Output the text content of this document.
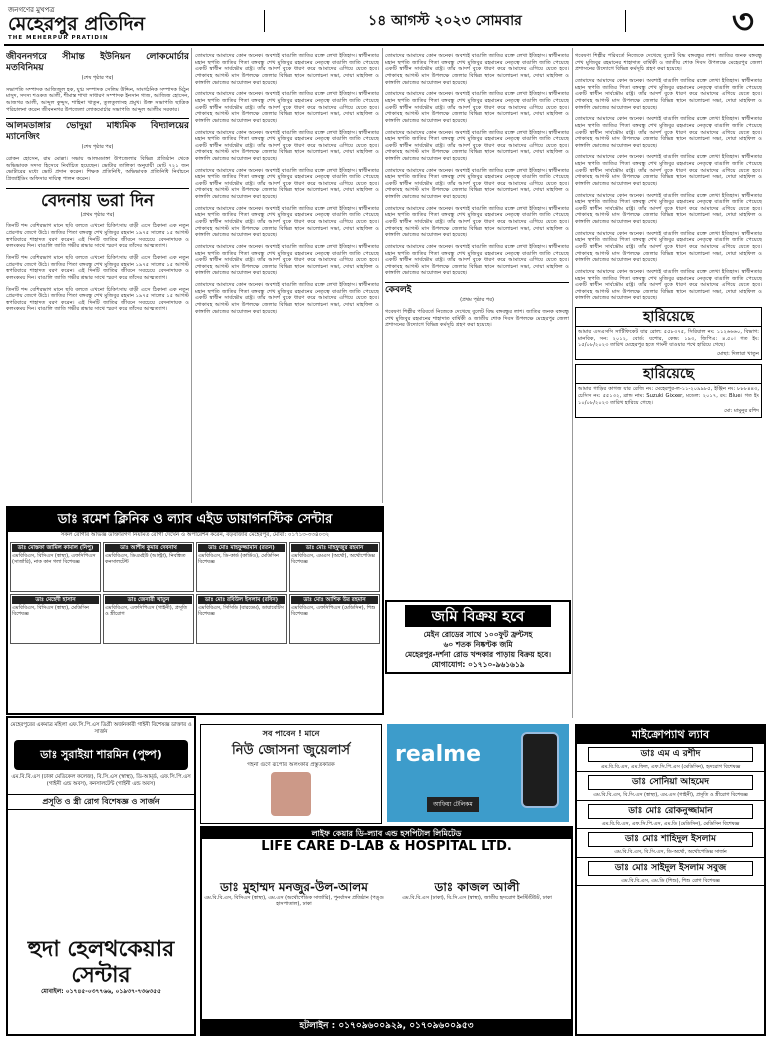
জনগণের মুখপত্র
মেহেরপুর প্রতিদিন
THE MEHERPUR PRATIDIN
১৪ আগস্ট ২০২৩ সোমবার	৩
জীবননগরে সীমান্ত ইউনিয়ন লোকমোর্চার মতবিনিময়
(শেষ পৃষ্ঠার পর)

সভাপতি সম্পাদক আজিজুল হক, যুগ্ম সম্পাদক সেলিম উদ্দিন, সাংগঠনিক সম্পাদক মিঠুন মাসুদ, সদস্য শওকত আলী, শীমান্ত শাখা সাধারণ সম্পাদক ইনসান গাজ, আজিজ হোসেন, আজগর আলী, আব্দুল কুদ্দুস, শাহিনা খাতুন, তুলতুলাসহ প্রমুখ। উক্ত সভাপতি ছাত্রিক পরিচালনা করেন জীবননগর উপজেলা লোকমোর্চার সভাপতি আব্দুল আলীম সরকার।

আলমডাঙ্গার ভোদুয়া মাধ্যমিক বিদ্যালয়ের ম্যানেজিং
(শেষ পৃষ্ঠার পর)

রোকন হোসেন, রাম মোল্লা। সভায় আলমডাঙ্গা উপজেলার বিভিন্ন প্রতিষ্ঠান থেকে অভিভাবক সদস্য হিসেবে নির্বাচিত হয়েছেন। ভোটার তালিকা অনুযায়ী মোট ৭২১ জন ভোটারের মধ্যে ভোট প্রদান করেন। শিক্ষক প্রতিনিধি, অভিভাবক প্রতিনিধি নির্বাচনে প্রিজাইডিং অফিসার দায়িত্ব পালন করেন।

বেদনায় ভরা দিন
(প্রথম পৃষ্ঠার পর)

তিনটি শব্দ বেশিরভাগ মানে ছবি বলতে এখনো চিকিৎসায় বাড়ী এসে ঠিকানা এক নতুন প্রেরণায় জেগে উঠে। জাতির পিতা বঙ্গবন্ধু শেখ মুজিবুর রহমান ১৯৭৫ সালের ১৫ আগস্ট স্বপরিবারে শাহাদত বরণ করেন। এই দিনটি জাতির জীবনে সবচেয়ে বেদনাদায়ক ও কলংকময় দিন। বাঙালি জাতি গভীর শ্রদ্ধার সাথে স্মরণ করে তাঁদের আত্মত্যাগ।

তিনটি শব্দ বেশিরভাগ মানে ছবি বলতে এখনো চিকিৎসায় বাড়ী এসে ঠিকানা এক নতুন প্রেরণায় জেগে উঠে। জাতির পিতা বঙ্গবন্ধু শেখ মুজিবুর রহমান ১৯৭৫ সালের ১৫ আগস্ট স্বপরিবারে শাহাদত বরণ করেন। এই দিনটি জাতির জীবনে সবচেয়ে বেদনাদায়ক ও কলংকময় দিন। বাঙালি জাতি গভীর শ্রদ্ধার সাথে স্মরণ করে তাঁদের আত্মত্যাগ।

তিনটি শব্দ বেশিরভাগ মানে ছবি বলতে এখনো চিকিৎসায় বাড়ী এসে ঠিকানা এক নতুন প্রেরণায় জেগে উঠে। জাতির পিতা বঙ্গবন্ধু শেখ মুজিবুর রহমান ১৯৭৫ সালের ১৫ আগস্ট স্বপরিবারে শাহাদত বরণ করেন। এই দিনটি জাতির জীবনে সবচেয়ে বেদনাদায়ক ও কলংকময় দিন। বাঙালি জাতি গভীর শ্রদ্ধার সাথে স্মরণ করে তাঁদের আত্মত্যাগ।

তোমাদের আমাদের কোন অনেক। অবশ্যই বাঙালি জাতির রক্তে লেখা ইতিহাস। স্বাধীনতার মহান স্থপতি জাতির পিতা বঙ্গবন্ধু শেখ মুজিবুর রহমানের নেতৃত্বে বাঙালি জাতি পেয়েছে একটি স্বাধীন সার্বভৌম রাষ্ট্র। তাঁর আদর্শ বুকে ধারণ করে আমাদের এগিয়ে যেতে হবে। শোকাবহ আগস্ট মাস উপলক্ষে জেলার বিভিন্ন স্থানে আলোচনা সভা, দোয়া মাহফিল ও কাঙ্গালি ভোজের আয়োজন করা হয়েছে।

তোমাদের আমাদের কোন অনেক। অবশ্যই বাঙালি জাতির রক্তে লেখা ইতিহাস। স্বাধীনতার মহান স্থপতি জাতির পিতা বঙ্গবন্ধু শেখ মুজিবুর রহমানের নেতৃত্বে বাঙালি জাতি পেয়েছে একটি স্বাধীন সার্বভৌম রাষ্ট্র। তাঁর আদর্শ বুকে ধারণ করে আমাদের এগিয়ে যেতে হবে। শোকাবহ আগস্ট মাস উপলক্ষে জেলার বিভিন্ন স্থানে আলোচনা সভা, দোয়া মাহফিল ও কাঙ্গালি ভোজের আয়োজন করা হয়েছে।

তোমাদের আমাদের কোন অনেক। অবশ্যই বাঙালি জাতির রক্তে লেখা ইতিহাস। স্বাধীনতার মহান স্থপতি জাতির পিতা বঙ্গবন্ধু শেখ মুজিবুর রহমানের নেতৃত্বে বাঙালি জাতি পেয়েছে একটি স্বাধীন সার্বভৌম রাষ্ট্র। তাঁর আদর্শ বুকে ধারণ করে আমাদের এগিয়ে যেতে হবে। শোকাবহ আগস্ট মাস উপলক্ষে জেলার বিভিন্ন স্থানে আলোচনা সভা, দোয়া মাহফিল ও কাঙ্গালি ভোজের আয়োজন করা হয়েছে।

তোমাদের আমাদের কোন অনেক। অবশ্যই বাঙালি জাতির রক্তে লেখা ইতিহাস। স্বাধীনতার মহান স্থপতি জাতির পিতা বঙ্গবন্ধু শেখ মুজিবুর রহমানের নেতৃত্বে বাঙালি জাতি পেয়েছে একটি স্বাধীন সার্বভৌম রাষ্ট্র। তাঁর আদর্শ বুকে ধারণ করে আমাদের এগিয়ে যেতে হবে। শোকাবহ আগস্ট মাস উপলক্ষে জেলার বিভিন্ন স্থানে আলোচনা সভা, দোয়া মাহফিল ও কাঙ্গালি ভোজের আয়োজন করা হয়েছে।

তোমাদের আমাদের কোন অনেক। অবশ্যই বাঙালি জাতির রক্তে লেখা ইতিহাস। স্বাধীনতার মহান স্থপতি জাতির পিতা বঙ্গবন্ধু শেখ মুজিবুর রহমানের নেতৃত্বে বাঙালি জাতি পেয়েছে একটি স্বাধীন সার্বভৌম রাষ্ট্র। তাঁর আদর্শ বুকে ধারণ করে আমাদের এগিয়ে যেতে হবে। শোকাবহ আগস্ট মাস উপলক্ষে জেলার বিভিন্ন স্থানে আলোচনা সভা, দোয়া মাহফিল ও কাঙ্গালি ভোজের আয়োজন করা হয়েছে।

তোমাদের আমাদের কোন অনেক। অবশ্যই বাঙালি জাতির রক্তে লেখা ইতিহাস। স্বাধীনতার মহান স্থপতি জাতির পিতা বঙ্গবন্ধু শেখ মুজিবুর রহমানের নেতৃত্বে বাঙালি জাতি পেয়েছে একটি স্বাধীন সার্বভৌম রাষ্ট্র। তাঁর আদর্শ বুকে ধারণ করে আমাদের এগিয়ে যেতে হবে। শোকাবহ আগস্ট মাস উপলক্ষে জেলার বিভিন্ন স্থানে আলোচনা সভা, দোয়া মাহফিল ও কাঙ্গালি ভোজের আয়োজন করা হয়েছে।

তোমাদের আমাদের কোন অনেক। অবশ্যই বাঙালি জাতির রক্তে লেখা ইতিহাস। স্বাধীনতার মহান স্থপতি জাতির পিতা বঙ্গবন্ধু শেখ মুজিবুর রহমানের নেতৃত্বে বাঙালি জাতি পেয়েছে একটি স্বাধীন সার্বভৌম রাষ্ট্র। তাঁর আদর্শ বুকে ধারণ করে আমাদের এগিয়ে যেতে হবে। শোকাবহ আগস্ট মাস উপলক্ষে জেলার বিভিন্ন স্থানে আলোচনা সভা, দোয়া মাহফিল ও কাঙ্গালি ভোজের আয়োজন করা হয়েছে।

তোমাদের আমাদের কোন অনেক। অবশ্যই বাঙালি জাতির রক্তে লেখা ইতিহাস। স্বাধীনতার মহান স্থপতি জাতির পিতা বঙ্গবন্ধু শেখ মুজিবুর রহমানের নেতৃত্বে বাঙালি জাতি পেয়েছে একটি স্বাধীন সার্বভৌম রাষ্ট্র। তাঁর আদর্শ বুকে ধারণ করে আমাদের এগিয়ে যেতে হবে। শোকাবহ আগস্ট মাস উপলক্ষে জেলার বিভিন্ন স্থানে আলোচনা সভা, দোয়া মাহফিল ও কাঙ্গালি ভোজের আয়োজন করা হয়েছে।

তোমাদের আমাদের কোন অনেক। অবশ্যই বাঙালি জাতির রক্তে লেখা ইতিহাস। স্বাধীনতার মহান স্থপতি জাতির পিতা বঙ্গবন্ধু শেখ মুজিবুর রহমানের নেতৃত্বে বাঙালি জাতি পেয়েছে একটি স্বাধীন সার্বভৌম রাষ্ট্র। তাঁর আদর্শ বুকে ধারণ করে আমাদের এগিয়ে যেতে হবে। শোকাবহ আগস্ট মাস উপলক্ষে জেলার বিভিন্ন স্থানে আলোচনা সভা, দোয়া মাহফিল ও কাঙ্গালি ভোজের আয়োজন করা হয়েছে।

তোমাদের আমাদের কোন অনেক। অবশ্যই বাঙালি জাতির রক্তে লেখা ইতিহাস। স্বাধীনতার মহান স্থপতি জাতির পিতা বঙ্গবন্ধু শেখ মুজিবুর রহমানের নেতৃত্বে বাঙালি জাতি পেয়েছে একটি স্বাধীন সার্বভৌম রাষ্ট্র। তাঁর আদর্শ বুকে ধারণ করে আমাদের এগিয়ে যেতে হবে। শোকাবহ আগস্ট মাস উপলক্ষে জেলার বিভিন্ন স্থানে আলোচনা সভা, দোয়া মাহফিল ও কাঙ্গালি ভোজের আয়োজন করা হয়েছে।

তোমাদের আমাদের কোন অনেক। অবশ্যই বাঙালি জাতির রক্তে লেখা ইতিহাস। স্বাধীনতার মহান স্থপতি জাতির পিতা বঙ্গবন্ধু শেখ মুজিবুর রহমানের নেতৃত্বে বাঙালি জাতি পেয়েছে একটি স্বাধীন সার্বভৌম রাষ্ট্র। তাঁর আদর্শ বুকে ধারণ করে আমাদের এগিয়ে যেতে হবে। শোকাবহ আগস্ট মাস উপলক্ষে জেলার বিভিন্ন স্থানে আলোচনা সভা, দোয়া মাহফিল ও কাঙ্গালি ভোজের আয়োজন করা হয়েছে।

তোমাদের আমাদের কোন অনেক। অবশ্যই বাঙালি জাতির রক্তে লেখা ইতিহাস। স্বাধীনতার মহান স্থপতি জাতির পিতা বঙ্গবন্ধু শেখ মুজিবুর রহমানের নেতৃত্বে বাঙালি জাতি পেয়েছে একটি স্বাধীন সার্বভৌম রাষ্ট্র। তাঁর আদর্শ বুকে ধারণ করে আমাদের এগিয়ে যেতে হবে। শোকাবহ আগস্ট মাস উপলক্ষে জেলার বিভিন্ন স্থানে আলোচনা সভা, দোয়া মাহফিল ও কাঙ্গালি ভোজের আয়োজন করা হয়েছে।

তোমাদের আমাদের কোন অনেক। অবশ্যই বাঙালি জাতির রক্তে লেখা ইতিহাস। স্বাধীনতার মহান স্থপতি জাতির পিতা বঙ্গবন্ধু শেখ মুজিবুর রহমানের নেতৃত্বে বাঙালি জাতি পেয়েছে একটি স্বাধীন সার্বভৌম রাষ্ট্র। তাঁর আদর্শ বুকে ধারণ করে আমাদের এগিয়ে যেতে হবে। শোকাবহ আগস্ট মাস উপলক্ষে জেলার বিভিন্ন স্থানে আলোচনা সভা, দোয়া মাহফিল ও কাঙ্গালি ভোজের আয়োজন করা হয়েছে।

কেবলই
(প্রথম পৃষ্ঠার পর)

গবেষণা শিল্পীর পরিবর্তে নিজেকে দেখেছে বুলেট বিদ্ধ বঙ্গবন্ধুর লাশ। জাতির জনক বঙ্গবন্ধু শেখ মুজিবুর রহমানের শাহাদাত বার্ষিকী ও জাতীয় শোক দিবস উপলক্ষে মেহেরপুর জেলা প্রশাসনের উদ্যোগে বিভিন্ন কর্মসূচি গ্রহণ করা হয়েছে।

গবেষণা শিল্পীর পরিবর্তে নিজেকে দেখেছে বুলেট বিদ্ধ বঙ্গবন্ধুর লাশ। জাতির জনক বঙ্গবন্ধু শেখ মুজিবুর রহমানের শাহাদাত বার্ষিকী ও জাতীয় শোক দিবস উপলক্ষে মেহেরপুর জেলা প্রশাসনের উদ্যোগে বিভিন্ন কর্মসূচি গ্রহণ করা হয়েছে।

তোমাদের আমাদের কোন অনেক। অবশ্যই বাঙালি জাতির রক্তে লেখা ইতিহাস। স্বাধীনতার মহান স্থপতি জাতির পিতা বঙ্গবন্ধু শেখ মুজিবুর রহমানের নেতৃত্বে বাঙালি জাতি পেয়েছে একটি স্বাধীন সার্বভৌম রাষ্ট্র। তাঁর আদর্শ বুকে ধারণ করে আমাদের এগিয়ে যেতে হবে। শোকাবহ আগস্ট মাস উপলক্ষে জেলার বিভিন্ন স্থানে আলোচনা সভা, দোয়া মাহফিল ও কাঙ্গালি ভোজের আয়োজন করা হয়েছে।

তোমাদের আমাদের কোন অনেক। অবশ্যই বাঙালি জাতির রক্তে লেখা ইতিহাস। স্বাধীনতার মহান স্থপতি জাতির পিতা বঙ্গবন্ধু শেখ মুজিবুর রহমানের নেতৃত্বে বাঙালি জাতি পেয়েছে একটি স্বাধীন সার্বভৌম রাষ্ট্র। তাঁর আদর্শ বুকে ধারণ করে আমাদের এগিয়ে যেতে হবে। শোকাবহ আগস্ট মাস উপলক্ষে জেলার বিভিন্ন স্থানে আলোচনা সভা, দোয়া মাহফিল ও কাঙ্গালি ভোজের আয়োজন করা হয়েছে।

তোমাদের আমাদের কোন অনেক। অবশ্যই বাঙালি জাতির রক্তে লেখা ইতিহাস। স্বাধীনতার মহান স্থপতি জাতির পিতা বঙ্গবন্ধু শেখ মুজিবুর রহমানের নেতৃত্বে বাঙালি জাতি পেয়েছে একটি স্বাধীন সার্বভৌম রাষ্ট্র। তাঁর আদর্শ বুকে ধারণ করে আমাদের এগিয়ে যেতে হবে। শোকাবহ আগস্ট মাস উপলক্ষে জেলার বিভিন্ন স্থানে আলোচনা সভা, দোয়া মাহফিল ও কাঙ্গালি ভোজের আয়োজন করা হয়েছে।

তোমাদের আমাদের কোন অনেক। অবশ্যই বাঙালি জাতির রক্তে লেখা ইতিহাস। স্বাধীনতার মহান স্থপতি জাতির পিতা বঙ্গবন্ধু শেখ মুজিবুর রহমানের নেতৃত্বে বাঙালি জাতি পেয়েছে একটি স্বাধীন সার্বভৌম রাষ্ট্র। তাঁর আদর্শ বুকে ধারণ করে আমাদের এগিয়ে যেতে হবে। শোকাবহ আগস্ট মাস উপলক্ষে জেলার বিভিন্ন স্থানে আলোচনা সভা, দোয়া মাহফিল ও কাঙ্গালি ভোজের আয়োজন করা হয়েছে।

তোমাদের আমাদের কোন অনেক। অবশ্যই বাঙালি জাতির রক্তে লেখা ইতিহাস। স্বাধীনতার মহান স্থপতি জাতির পিতা বঙ্গবন্ধু শেখ মুজিবুর রহমানের নেতৃত্বে বাঙালি জাতি পেয়েছে একটি স্বাধীন সার্বভৌম রাষ্ট্র। তাঁর আদর্শ বুকে ধারণ করে আমাদের এগিয়ে যেতে হবে। শোকাবহ আগস্ট মাস উপলক্ষে জেলার বিভিন্ন স্থানে আলোচনা সভা, দোয়া মাহফিল ও কাঙ্গালি ভোজের আয়োজন করা হয়েছে।

তোমাদের আমাদের কোন অনেক। অবশ্যই বাঙালি জাতির রক্তে লেখা ইতিহাস। স্বাধীনতার মহান স্থপতি জাতির পিতা বঙ্গবন্ধু শেখ মুজিবুর রহমানের নেতৃত্বে বাঙালি জাতি পেয়েছে একটি স্বাধীন সার্বভৌম রাষ্ট্র। তাঁর আদর্শ বুকে ধারণ করে আমাদের এগিয়ে যেতে হবে। শোকাবহ আগস্ট মাস উপলক্ষে জেলার বিভিন্ন স্থানে আলোচনা সভা, দোয়া মাহফিল ও কাঙ্গালি ভোজের আয়োজন করা হয়েছে।

হারিয়েছে

আমার এসএসসি সার্টিফিকেট যার রোল: ৫৫৮৩৭৫, সিরিয়াল নং: ১১২৬৬৬০, বিভাগ: মানবিক, সন: ২০১২, বোর্ড: যশোর, কেন্দ্র: ১৯৩, জিপিএ: ৪.৫০। গত ইং: ১৫/০৮/২০২৩ তারিখ মেহেরপুর হতে গাংনী যাওয়ার পথে হারিয়ে গেছে।

মোছা: দিলারা খাতুন

হারিয়েছে

আমার গাড়ির কাগজ যার রেজি নং: মেহেরপুর-ল-১১-২০৯৯৮৫, ইঞ্জিন নং: ৮৮৮৪৪৩, চেসিস নং: ৫৫১৩২, ব্রান্ড নাম: Suzuki Gixxer, মডেল: ২০১৭, রং: Blue। গত ইং ১০/০৮/২০২৩ তারিখ হারিয়ে গেছে।

মো: মামুনুর রশিদ

ডাঃ রমেশ ক্লিনিক ও ল্যাব এইড ডায়াগনস্টিক সেন্টার
সকল রোগীর অভিজ্ঞ ডাক্তারগণ নিয়মিত রোগী দেখেন ও অপারেশন করেন, বড়বাজার মেহেরপুর, মোবা: ০১৭১৩-৩৩৪০৩২
ডাঃ মোস্তফা জামিল কামাল (নিপু)
এমবিবিএস, বিসিএস (স্বাস্থ্য), এফসিপিএস (সার্জারি), নাক কান গলা বিশেষজ্ঞ
ডাঃ আশীষ কুমার দেবনাথ
এমবিবিএস, ডিএমইউ (আল্ট্রা), নিবন্ধিত কনসালটেন্ট
ডাঃ মোঃ মাহফুজ্জামান (রতন)
এমবিবিএস, ডি-কার্ড (কার্ডিও), মেডিসিন বিশেষজ্ঞ
ডাঃ মোঃ মাহফুজুর রহমান
এমবিবিএস, এমএস (অর্থো), অর্থোপেডিক্স বিশেষজ্ঞ
ডাঃ মেহেদী হাসান
এমবিবিএস, বিসিএস (স্বাস্থ্য), মেডিসিন বিশেষজ্ঞ
ডাঃ জেনারী খাতুন
এমবিবিএস, এফসিপিএস (গাইনী), প্রসূতি ও স্ত্রীরোগ
ডাঃ মোঃ রবিউল ইসলাম (রবিন)
এমবিবিএস, সিসিডি (বারডেম), ডায়াবেটিস বিশেষজ্ঞ
ডাঃ মোঃ আশিক উর রহমান
এমবিবিএস, এফসিপিএস (মেডিসিন), শিশু বিশেষজ্ঞ	জমি বিক্রয় হবে
মেইন রোডের সাথে ১০০ফুট ফ্রন্টসহ
৬০ শতক নিষ্কণ্টক জমি
মেহেরপুর-দর্শনা রোড খন্দকার পাড়ায় বিক্রয় হবে।
যোগাযোগ: ০১৭১০-৯৬১৬১৯
মেহেরপুরের একমাত্র মহিলা এফ.সি.পি.এস ডিগ্রী অর্জনকারী গাইনী বিশেষজ্ঞ ডাক্তার ও সার্জন
ডাঃ সুরাইয়া শারমিন (পুষ্প)
এম.বি.বি.এস (ঢাকা মেডিকেল কলেজ), বি.সি.এস (স্বাস্থ্য), ডি-আর্ম্ড, এফ.সি.পি.এস (গাইনী এন্ড অবস), কনসালটেন্ট (গাইনী এন্ড অবস)
প্রসূতি ও স্ত্রী রোগ বিশেষজ্ঞ ও সার্জন
হুদা হেলথকেয়ার সেন্টার
মোবাইল: ০১৭৪৫-০৩৭৭৬৬, ০১৯৩৭-৭৩৬৩৫৫
সব পাবেন ! মানে
নিউ জোসনা জুয়েলার্স
গহনা গুণে রূপোর অলংকার প্রস্তুতকারক	realme
আফিয়া টেলিকম
লাইফ কেয়ার ডি-ল্যাব এন্ড হসপিটাল লিমিটেড
LIFE CARE D-LAB & HOSPITAL LTD.
ডাঃ মুহাম্মদ মনজুর-উল-আলম
এম.বি.বি.এস, বিসিএস (স্বাস্থ্য), এম.এস (অর্থোপেডিক সার্জারি), পুনর্বাসন প্রতিষ্ঠান (পঙ্গু হাসপাতাল), ঢাকা
ডাঃ কাজল আলী
এম.বি.বি.এস (ঢাকা), বি.সি.এস (স্বাস্থ্য), জাতীয় হৃদরোগ ইনস্টিটিউট, ঢাকা
হটলাইন : ০১৭০৯৬০০৯২৯, ০১৭০৯৬০০৯৫৩
মাইক্রোপ্যাথ ল্যাব
ডাঃ এম এ রশীদ
এম.বি.বি.এস, এম.ফিল, এফ.সি.পি.এস (মেডিসিন), হৃদরোগ বিশেষজ্ঞ
ডাঃ সোনিয়া আহমেদ
এম.বি.বি.এস, বি.সি.এস (স্বাস্থ্য), এম.এস (গাইনী), প্রসূতি ও স্ত্রীরোগ বিশেষজ্ঞ
ডাঃ মোঃ রোকনুজ্জামান
এম.বি.বি.এস, এফ.সি.পি.এস, এম.ডি (মেডিসিন), মেডিসিন বিশেষজ্ঞ
ডাঃ মোঃ শাহিদুল ইসলাম
এম.বি.বি.এস, বি.সি.এস, ডি-অর্থো, অর্থোপেডিক্স সার্জন
ডাঃ মোঃ সাইদুল ইসলাম সবুজ
এম.বি.বি.এস, এম.ডি (শিশু), শিশু রোগ বিশেষজ্ঞ
